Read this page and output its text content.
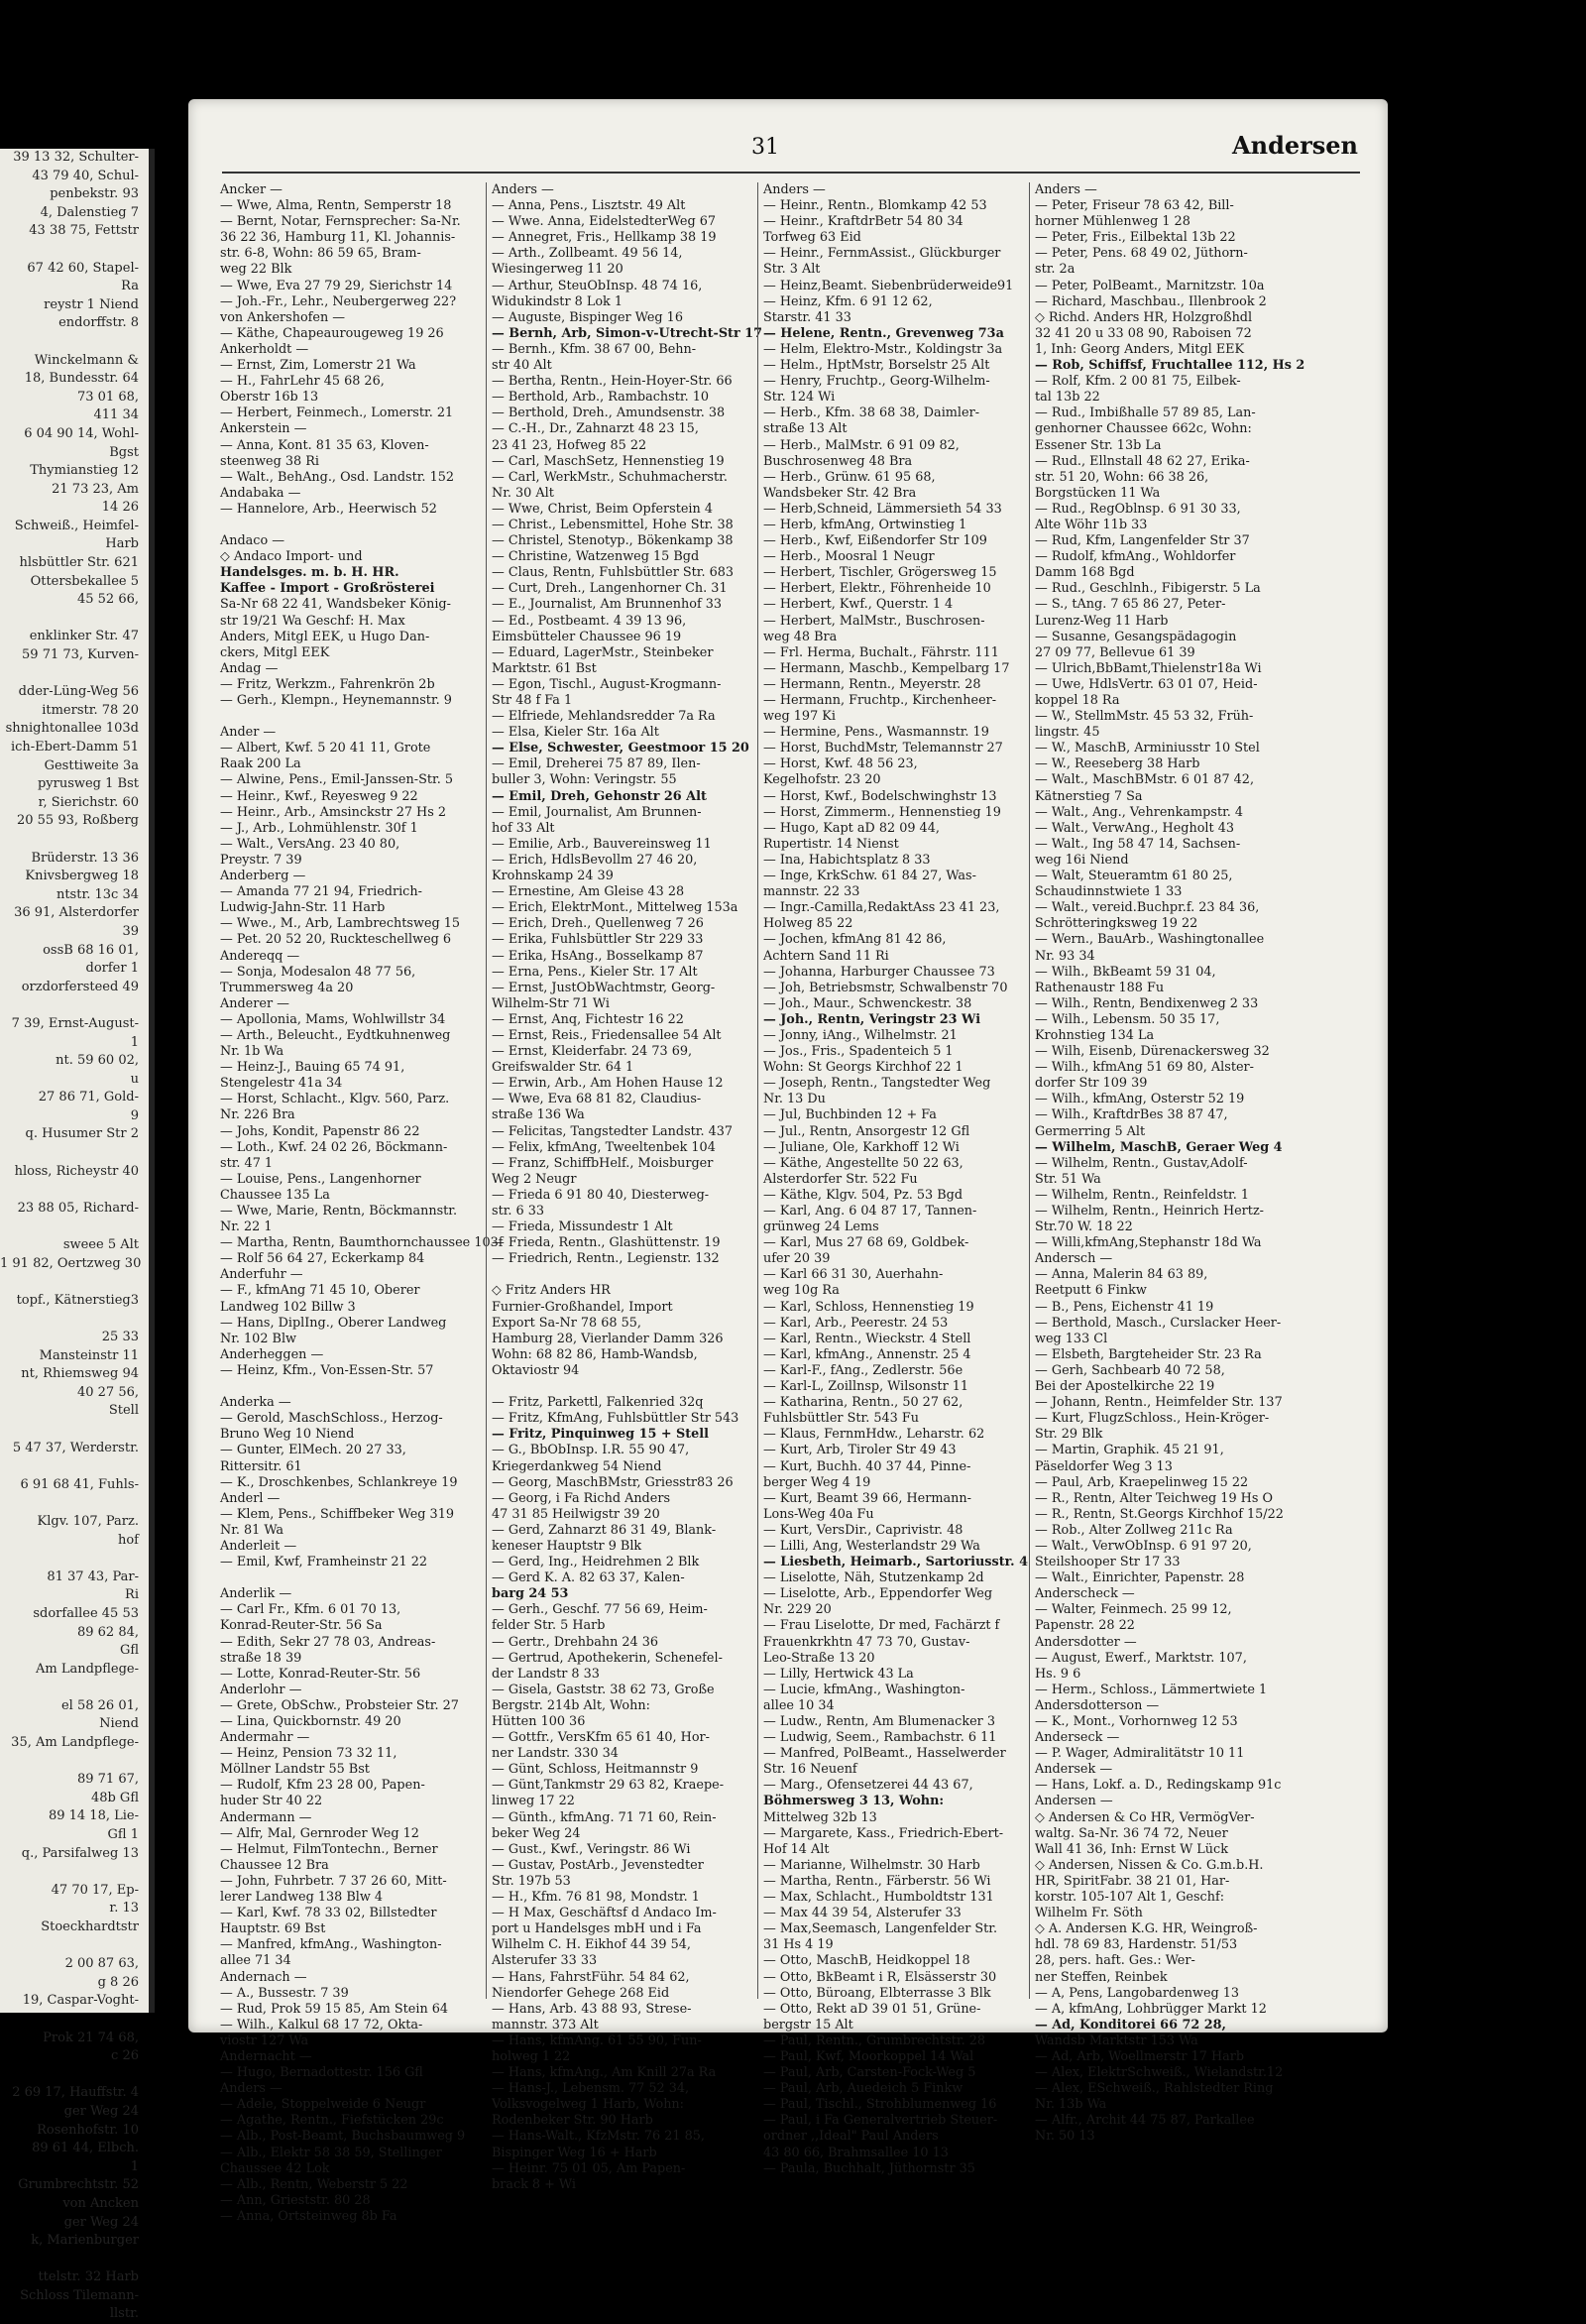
39 13 32, Schulter-
43 79 40, Schul-
penbekstr. 93
4, Dalenstieg 7
43 38 75, Fettstr

67 42 60, Stapel-
Ra
reystr 1 Niend
endorffstr. 8

Winckelmann &
18, Bundesstr. 64
73 01 68,
411 34
6 04 90 14, Wohl-
Bgst
Thymianstieg 12
21 73 23, Am
14 26
Schweiß., Heimfel-
Harb
hlsbüttler Str. 621
Ottersbekallee 5
45 52 66,

enklinker Str. 47
59 71 73, Kurven-

dder-Lüng-Weg 56
itmerstr. 78 20
shnightonallee 103d
ich-Ebert-Damm 51
Gesttiweite 3a
pyrusweg 1 Bst
r, Sierichstr. 60
20 55 93, Roßberg

Brüderstr. 13 36
Knivsbergweg 18
ntstr. 13c 34
36 91, Alsterdorfer
39
ossB 68 16 01,
dorfer 1
orzdorfersteed 49

7 39, Ernst-August-
1
nt. 59 60 02,
u
27 86 71, Gold-
9
q. Husumer Str 2

hloss, Richeystr 40

23 88 05, Richard-

sweee 5 Alt
1 91 82, Oertzweg 30

topf., Kätnerstieg3

25 33
Mansteinstr 11
nt, Rhiemsweg 94
40 27 56,
Stell

5 47 37, Werderstr.

6 91 68 41, Fuhls-

Klgv. 107, Parz.
hof

81 37 43, Par-
Ri
sdorfallee 45 53
89 62 84,
Gfl
Am Landpflege-

el 58 26 01,
Niend
35, Am Landpflege-

89 71 67,
48b Gfl
89 14 18, Lie-
Gfl 1
q., Parsifalweg 13

47 70 17, Ep-
r. 13
Stoeckhardtstr

2 00 87 63,
g 8 26
19, Caspar-Voght-

Prok 21 74 68,
c 26

2 69 17, Hauffstr. 4
ger Weg 24
Rosenhofstr. 10
89 61 44, Elbch.
1
Grumbrechtstr. 52
von Ancken
ger Weg 24
k, Marienburger

ttelstr. 32 Harb
Schloss Tilemann-
llstr.
31	Andersen
Ancker —
— Wwe, Alma, Rentn, Semperstr 18
— Bernt, Notar, Fernsprecher: Sa-Nr.
36 22 36, Hamburg 11, Kl. Johannis-
str. 6-8, Wohn: 86 59 65, Bram-
weg 22 Blk
— Wwe, Eva 27 79 29, Sierichstr 14
— Joh.-Fr., Lehr., Neubergerweg 22?
von Ankershofen —
— Käthe, Chapeaurougeweg 19 26
Ankerholdt —
— Ernst, Zim, Lomerstr 21 Wa
— H., FahrLehr 45 68 26,
Oberstr 16b 13
— Herbert, Feinmech., Lomerstr. 21
Ankerstein —
— Anna, Kont. 81 35 63, Kloven-
steenweg 38 Ri
— Walt., BehAng., Osd. Landstr. 152
Andabaka —
— Hannelore, Arb., Heerwisch 52

Andaco —
◇ Andaco Import- und
Handelsges. m. b. H. HR.
Kaffee - Import - Großrösterei
Sa-Nr 68 22 41, Wandsbeker König-
str 19/21 Wa Geschf: H. Max
Anders, Mitgl EEK, u Hugo Dan-
ckers, Mitgl EEK
Andag —
— Fritz, Werkzm., Fahrenkrön 2b
— Gerh., Klempn., Heynemannstr. 9

Ander —
— Albert, Kwf. 5 20 41 11, Grote
Raak 200 La
— Alwine, Pens., Emil-Janssen-Str. 5
— Heinr., Kwf., Reyesweg 9 22
— Heinr., Arb., Amsinckstr 27 Hs 2
— J., Arb., Lohmühlenstr. 30f 1
— Walt., VersAng. 23 40 80,
Preystr. 7 39
Anderberg —
— Amanda 77 21 94, Friedrich-
Ludwig-Jahn-Str. 11 Harb
— Wwe., M., Arb, Lambrechtsweg 15
— Pet. 20 52 20, Ruckteschellweg 6
Andereqq —
— Sonja, Modesalon 48 77 56,
Trummersweg 4a 20
Anderer —
— Apollonia, Mams, Wohlwillstr 34
— Arth., Beleucht., Eydtkuhnenweg
Nr. 1b Wa
— Heinz-J., Bauing 65 74 91,
Stengelestr 41a 34
— Horst, Schlacht., Klgv. 560, Parz.
Nr. 226 Bra
— Johs, Kondit, Papenstr 86 22
— Loth., Kwf. 24 02 26, Böckmann-
str. 47 1
— Louise, Pens., Langenhorner
Chaussee 135 La
— Wwe, Marie, Rentn, Böckmannstr.
Nr. 22 1
— Martha, Rentn, Baumthornchaussee 103f
— Rolf 56 64 27, Eckerkamp 84
Anderfuhr —
— F., kfmAng 71 45 10, Oberer
Landweg 102 Billw 3
— Hans, DiplIng., Oberer Landweg
Nr. 102 Blw
Anderheggen —
— Heinz, Kfm., Von-Essen-Str. 57

Anderka —
— Gerold, MaschSchloss., Herzog-
Bruno Weg 10 Niend
— Gunter, ElMech. 20 27 33,
Rittersitr. 61
— K., Droschkenbes, Schlankreye 19
Anderl —
— Klem, Pens., Schiffbeker Weg 319
Nr. 81 Wa
Anderleit —
— Emil, Kwf, Framheinstr 21 22

Anderlik —
— Carl Fr., Kfm. 6 01 70 13,
Konrad-Reuter-Str. 56 Sa
— Edith, Sekr 27 78 03, Andreas-
straße 18 39
— Lotte, Konrad-Reuter-Str. 56
Anderlohr —
— Grete, ObSchw., Probsteier Str. 27
— Lina, Quickbornstr. 49 20
Andermahr —
— Heinz, Pension 73 32 11,
Möllner Landstr 55 Bst
— Rudolf, Kfm 23 28 00, Papen-
huder Str 40 22
Andermann —
— Alfr, Mal, Gernroder Weg 12
— Helmut, FilmTontechn., Berner
Chaussee 12 Bra
— John, Fuhrbetr. 7 37 26 60, Mitt-
lerer Landweg 138 Blw 4
— Karl, Kwf. 78 33 02, Billstedter
Hauptstr. 69 Bst
— Manfred, kfmAng., Washington-
allee 71 34
Andernach —
— A., Bussestr. 7 39
— Rud, Prok 59 15 85, Am Stein 64
— Wilh., Kalkul 68 17 72, Okta-
viostr 127 Wa
Andernacht —
— Hugo, Bernadottestr. 156 Gfl
Anders —
— Adele, Stoppelweide 6 Neugr
— Agathe, Rentn., Fiefstücken 29c
— Alb., Post-Beamt, Buchsbaumweg 9
— Alb., Elektr 58 38 59, Stellinger
Chaussee 42 Lok
— Alb., Rentn, Weberstr 5 22
— Ann, Grieststr. 80 28
— Anna, Ortsteinweg 8b Fa
Anders —
— Anna, Pens., Lisztstr. 49 Alt
— Wwe. Anna, EidelstedterWeg 67
— Annegret, Fris., Hellkamp 38 19
— Arth., Zollbeamt. 49 56 14,
Wiesingerweg 11 20
— Arthur, SteuObInsp. 48 74 16,
Widukindstr 8 Lok 1
— Auguste, Bispinger Weg 16
— Bernh, Arb, Simon-v-Utrecht-Str 17
— Bernh., Kfm. 38 67 00, Behn-
str 40 Alt
— Bertha, Rentn., Hein-Hoyer-Str. 66
— Berthold, Arb., Rambachstr. 10
— Berthold, Dreh., Amundsenstr. 38
— C.-H., Dr., Zahnarzt 48 23 15,
23 41 23, Hofweg 85 22
— Carl, MaschSetz, Hennenstieg 19
— Carl, WerkMstr., Schuhmacherstr.
Nr. 30 Alt
— Wwe, Christ, Beim Opferstein 4
— Christ., Lebensmittel, Hohe Str. 38
— Christel, Stenotyp., Bökenkamp 38
— Christine, Watzenweg 15 Bgd
— Claus, Rentn, Fuhlsbüttler Str. 683
— Curt, Dreh., Langenhorner Ch. 31
— E., Journalist, Am Brunnenhof 33
— Ed., Postbeamt. 4 39 13 96,
Eimsbütteler Chaussee 96 19
— Eduard, LagerMstr., Steinbeker
Marktstr. 61 Bst
— Egon, Tischl., August-Krogmann-
Str 48 f Fa 1
— Elfriede, Mehlandsredder 7a Ra
— Elsa, Kieler Str. 16a Alt
— Else, Schwester, Geestmoor 15 20
— Emil, Dreherei 75 87 89, Ilen-
buller 3, Wohn: Veringstr. 55
— Emil, Dreh, Gehonstr 26 Alt
— Emil, Journalist, Am Brunnen-
hof 33 Alt
— Emilie, Arb., Bauvereinsweg 11
— Erich, HdlsBevollm 27 46 20,
Krohnskamp 24 39
— Ernestine, Am Gleise 43 28
— Erich, ElektrMont., Mittelweg 153a
— Erich, Dreh., Quellenweg 7 26
— Erika, Fuhlsbüttler Str 229 33
— Erika, HsAng., Bosselkamp 87
— Erna, Pens., Kieler Str. 17 Alt
— Ernst, JustObWachtmstr, Georg-
Wilhelm-Str 71 Wi
— Ernst, Anq, Fichtestr 16 22
— Ernst, Reis., Friedensallee 54 Alt
— Ernst, Kleiderfabr. 24 73 69,
Greifswalder Str. 64 1
— Erwin, Arb., Am Hohen Hause 12
— Wwe, Eva 68 81 82, Claudius-
straße 136 Wa
— Felicitas, Tangstedter Landstr. 437
— Felix, kfmAng, Tweeltenbek 104
— Franz, SchiffbHelf., Moisburger
Weg 2 Neugr
— Frieda 6 91 80 40, Diesterweg-
str. 6 33
— Frieda, Missundestr 1 Alt
— Frieda, Rentn., Glashüttenstr. 19
— Friedrich, Rentn., Legienstr. 132

◇ Fritz Anders HR
Furnier-Großhandel, Import
Export Sa-Nr 78 68 55,
Hamburg 28, Vierlander Damm 326
Wohn: 68 82 86, Hamb-Wandsb,
Oktaviostr 94

— Fritz, Parkettl, Falkenried 32q
— Fritz, KfmAng, Fuhlsbüttler Str 543
— Fritz, Pinquinweg 15 + Stell
— G., BbObInsp. I.R. 55 90 47,
Kriegerdankweg 54 Niend
— Georg, MaschBMstr, Griesstr83 26
— Georg, i Fa Richd Anders
47 31 85 Heilwigstr 39 20
— Gerd, Zahnarzt 86 31 49, Blank-
keneser Hauptstr 9 Blk
— Gerd, Ing., Heidrehmen 2 Blk
— Gerd K. A. 82 63 37, Kalen-
barg 24 53
— Gerh., Geschf. 77 56 69, Heim-
felder Str. 5 Harb
— Gertr., Drehbahn 24 36
— Gertrud, Apothekerin, Schenefel-
der Landstr 8 33
— Gisela, Gaststr. 38 62 73, Große
Bergstr. 214b Alt, Wohn:
Hütten 100 36
— Gottfr., VersKfm 65 61 40, Hor-
ner Landstr. 330 34
— Günt, Schloss, Heitmannstr 9
— Günt,Tankmstr 29 63 82, Kraepe-
linweg 17 22
— Günth., kfmAng. 71 71 60, Rein-
beker Weg 24
— Gust., Kwf., Veringstr. 86 Wi
— Gustav, PostArb., Jevenstedter
Str. 197b 53
— H., Kfm. 76 81 98, Mondstr. 1
— H Max, Geschäftsf d Andaco Im-
port u Handelsges mbH und i Fa
Wilhelm C. H. Eikhof 44 39 54,
Alsterufer 33 33
— Hans, FahrstFühr. 54 84 62,
Niendorfer Gehege 268 Eid
— Hans, Arb. 43 88 93, Strese-
mannstr. 373 Alt
— Hans, kfmAng. 61 55 90, Fun-
holweg 1 22
— Hans, kfmAng., Am Knill 27a Ra
— Hans-J., Lebensm. 77 52 34,
Volksvogelweg 1 Harb, Wohn:
Rodenbeker Str. 90 Harb
— Hans-Walt., KfzMstr. 76 21 85,
Bispinger Weg 16 + Harb
— Heinr. 75 01 05, Am Papen-
brack 8 + Wi
Anders —
— Heinr., Rentn., Blomkamp 42 53
— Heinr., KraftdrBetr 54 80 34
Torfweg 63 Eid
— Heinr., FernmAssist., Glückburger
Str. 3 Alt
— Heinz,Beamt. Siebenbrüderweide91
— Heinz, Kfm. 6 91 12 62,
Starstr. 41 33
— Helene, Rentn., Grevenweg 73a
— Helm, Elektro-Mstr., Koldingstr 3a
— Helm., HptMstr, Borselstr 25 Alt
— Henry, Fruchtp., Georg-Wilhelm-
Str. 124 Wi
— Herb., Kfm. 38 68 38, Daimler-
straße 13 Alt
— Herb., MalMstr. 6 91 09 82,
Buschrosenweg 48 Bra
— Herb., Grünw. 61 95 68,
Wandsbeker Str. 42 Bra
— Herb,Schneid, Lämmersieth 54 33
— Herb, kfmAng, Ortwinstieg 1
— Herb., Kwf, Eißendorfer Str 109
— Herb., Moosral 1 Neugr
— Herbert, Tischler, Grögersweg 15
— Herbert, Elektr., Föhrenheide 10
— Herbert, Kwf., Querstr. 1 4
— Herbert, MalMstr., Buschrosen-
weg 48 Bra
— Frl. Herma, Buchalt., Fährstr. 111
— Hermann, Maschb., Kempelbarg 17
— Hermann, Rentn., Meyerstr. 28
— Hermann, Fruchtp., Kirchenheer-
weg 197 Ki
— Hermine, Pens., Wasmannstr. 19
— Horst, BuchdMstr, Telemannstr 27
— Horst, Kwf. 48 56 23,
Kegelhofstr. 23 20
— Horst, Kwf., Bodelschwinghstr 13
— Horst, Zimmerm., Hennenstieg 19
— Hugo, Kapt aD 82 09 44,
Rupertistr. 14 Nienst
— Ina, Habichtsplatz 8 33
— Inge, KrkSchw. 61 84 27, Was-
mannstr. 22 33
— Ingr.-Camilla,RedaktAss 23 41 23,
Holweg 85 22
— Jochen, kfmAng 81 42 86,
Achtern Sand 11 Ri
— Johanna, Harburger Chaussee 73
— Joh, Betriebsmstr, Schwalbenstr 70
— Joh., Maur., Schwenckestr. 38
— Joh., Rentn, Veringstr 23 Wi
— Jonny, iAng., Wilhelmstr. 21
— Jos., Fris., Spadenteich 5 1
Wohn: St Georgs Kirchhof 22 1
— Joseph, Rentn., Tangstedter Weg
Nr. 13 Du
— Jul, Buchbinden 12 + Fa
— Jul., Rentn, Ansorgestr 12 Gfl
— Juliane, Ole, Karkhoff 12 Wi
— Käthe, Angestellte 50 22 63,
Alsterdorfer Str. 522 Fu
— Käthe, Klgv. 504, Pz. 53 Bgd
— Karl, Ang. 6 04 87 17, Tannen-
grünweg 24 Lems
— Karl, Mus 27 68 69, Goldbek-
ufer 20 39
— Karl 66 31 30, Auerhahn-
weg 10g Ra
— Karl, Schloss, Hennenstieg 19
— Karl, Arb., Peerestr. 24 53
— Karl, Rentn., Wieckstr. 4 Stell
— Karl, kfmAng., Annenstr. 25 4
— Karl-F., fAng., Zedlerstr. 56e
— Karl-L, Zoillnsp, Wilsonstr 11
— Katharina, Rentn., 50 27 62,
Fuhlsbüttler Str. 543 Fu
— Klaus, FernmHdw., Leharstr. 62
— Kurt, Arb, Tiroler Str 49 43
— Kurt, Buchh. 40 37 44, Pinne-
berger Weg 4 19
— Kurt, Beamt 39 66, Hermann-
Lons-Weg 40a Fu
— Kurt, VersDir., Caprivistr. 48
— Lilli, Ang, Westerlandstr 29 Wa
— Liesbeth, Heimarb., Sartoriusstr. 4
— Liselotte, Näh, Stutzenkamp 2d
— Liselotte, Arb., Eppendorfer Weg
Nr. 229 20
— Frau Liselotte, Dr med, Fachärzt f
Frauenkrkhtn 47 73 70, Gustav-
Leo-Straße 13 20
— Lilly, Hertwick 43 La
— Lucie, kfmAng., Washington-
allee 10 34
— Ludw., Rentn, Am Blumenacker 3
— Ludwig, Seem., Rambachstr. 6 11
— Manfred, PolBeamt., Hasselwerder
Str. 16 Neuenf
— Marg., Ofensetzerei 44 43 67,
Böhmersweg 3 13, Wohn:
Mittelweg 32b 13
— Margarete, Kass., Friedrich-Ebert-
Hof 14 Alt
— Marianne, Wilhelmstr. 30 Harb
— Martha, Rentn., Färberstr. 56 Wi
— Max, Schlacht., Humboldtstr 131
— Max 44 39 54, Alsterufer 33
— Max,Seemasch, Langenfelder Str.
31 Hs 4 19
— Otto, MaschB, Heidkoppel 18
— Otto, BkBeamt i R, Elsässerstr 30
— Otto, Büroang, Elbterrasse 3 Blk
— Otto, Rekt aD 39 01 51, Grüne-
bergstr 15 Alt
— Paul, Rentn., Grumbrechtstr. 28
— Paul, Kwf, Moorkoppel 14 Wal
— Paul, Arb, Carsten-Fock-Weg 5
— Paul, Arb, Auedeich 5 Finkw
— Paul, Tischl., Strohblumenweg 16
— Paul, i Fa Generalvertrieb Steuer-
ordner ,,Ideal" Paul Anders
43 80 66, Brahmsallee 10 13
— Paula, Buchhalt, Jüthornstr 35
Anders —
— Peter, Friseur 78 63 42, Bill-
horner Mühlenweg 1 28
— Peter, Fris., Eilbektal 13b 22
— Peter, Pens. 68 49 02, Jüthorn-
str. 2a
— Peter, PolBeamt., Marnitzstr. 10a
— Richard, Maschbau., Illenbrook 2
◇ Richd. Anders HR, Holzgroßhdl
32 41 20 u 33 08 90, Raboisen 72
1, Inh: Georg Anders, Mitgl EEK
— Rob, Schiffsf, Fruchtallee 112, Hs 2
— Rolf, Kfm. 2 00 81 75, Eilbek-
tal 13b 22
— Rud., Imbißhalle 57 89 85, Lan-
genhorner Chaussee 662c, Wohn:
Essener Str. 13b La
— Rud., Ellnstall 48 62 27, Erika-
str. 51 20, Wohn: 66 38 26,
Borgstücken 11 Wa
— Rud., RegOblnsp. 6 91 30 33,
Alte Wöhr 11b 33
— Rud, Kfm, Langenfelder Str 37
— Rudolf, kfmAng., Wohldorfer
Damm 168 Bgd
— Rud., Geschlnh., Fibigerstr. 5 La
— S., tAng. 7 65 86 27, Peter-
Lurenz-Weg 11 Harb
— Susanne, Gesangspädagogin
27 09 77, Bellevue 61 39
— Ulrich,BbBamt,Thielenstr18a Wi
— Uwe, HdlsVertr. 63 01 07, Heid-
koppel 18 Ra
— W., StellmMstr. 45 53 32, Früh-
lingstr. 45
— W., MaschB, Arminiusstr 10 Stel
— W., Reeseberg 38 Harb
— Walt., MaschBMstr. 6 01 87 42,
Kätnerstieg 7 Sa
— Walt., Ang., Vehrenkampstr. 4
— Walt., VerwAng., Hegholt 43
— Walt., Ing 58 47 14, Sachsen-
weg 16i Niend
— Walt, Steueramtm 61 80 25,
Schaudinnstwiete 1 33
— Walt., vereid.Buchpr.f. 23 84 36,
Schrötteringksweg 19 22
— Wern., BauArb., Washingtonallee
Nr. 93 34
— Wilh., BkBeamt 59 31 04,
Rathenaustr 188 Fu
— Wilh., Rentn, Bendixenweg 2 33
— Wilh., Lebensm. 50 35 17,
Krohnstieg 134 La
— Wilh, Eisenb, Dürenackersweg 32
— Wilh., kfmAng 51 69 80, Alster-
dorfer Str 109 39
— Wilh., kfmAng, Osterstr 52 19
— Wilh., KraftdrBes 38 87 47,
Germerring 5 Alt
— Wilhelm, MaschB, Geraer Weg 4
— Wilhelm, Rentn., Gustav,Adolf-
Str. 51 Wa
— Wilhelm, Rentn., Reinfeldstr. 1
— Wilhelm, Rentn., Heinrich Hertz-
Str.70 W. 18 22
— Willi,kfmAng,Stephanstr 18d Wa
Andersch —
— Anna, Malerin 84 63 89,
Reetputt 6 Finkw
— B., Pens, Eichenstr 41 19
— Berthold, Masch., Curslacker Heer-
weg 133 Cl
— Elsbeth, Bargteheider Str. 23 Ra
— Gerh, Sachbearb 40 72 58,
Bei der Apostelkirche 22 19
— Johann, Rentn., Heimfelder Str. 137
— Kurt, FlugzSchloss., Hein-Kröger-
Str. 29 Blk
— Martin, Graphik. 45 21 91,
Päseldorfer Weg 3 13
— Paul, Arb, Kraepelinweg 15 22
— R., Rentn, Alter Teichweg 19 Hs O
— R., Rentn, St.Georgs Kirchhof 15/22
— Rob., Alter Zollweg 211c Ra
— Walt., VerwObInsp. 6 91 97 20,
Steilshooper Str 17 33
— Walt., Einrichter, Papenstr. 28
Anderscheck —
— Walter, Feinmech. 25 99 12,
Papenstr. 28 22
Andersdotter —
— August, Ewerf., Marktstr. 107,
Hs. 9 6
— Herm., Schloss., Lämmertwiete 1
Andersdotterson —
— K., Mont., Vorhornweg 12 53
Anderseck —
— P. Wager, Admiralitätstr 10 11
Andersek —
— Hans, Lokf. a. D., Redingskamp 91c
Andersen —
◇ Andersen & Co HR, VermögVer-
waltg. Sa-Nr. 36 74 72, Neuer
Wall 41 36, Inh: Ernst W Lück
◇ Andersen, Nissen & Co. G.m.b.H.
HR, SpiritFabr. 38 21 01, Har-
korstr. 105-107 Alt 1, Geschf:
Wilhelm Fr. Söth
◇ A. Andersen K.G. HR, Weingroß-
hdl. 78 69 83, Hardenstr. 51/53
28, pers. haft. Ges.: Wer-
ner Steffen, Reinbek
— A, Pens, Langobardenweg 13
— A, kfmAng, Lohbrügger Markt 12
— Ad, Konditorei 66 72 28,
Wandsb Marktstr 153 Wa
— Ad, Arb, Woellmerstr 17 Harb
— Alex, ElektrSchweiß., Wielandstr.12
— Alex, ESchweiß., Rahlstedter Ring
Nr. 13b Wa
— Alfr., Archit 44 75 87, Parkallee
Nr. 50 13
